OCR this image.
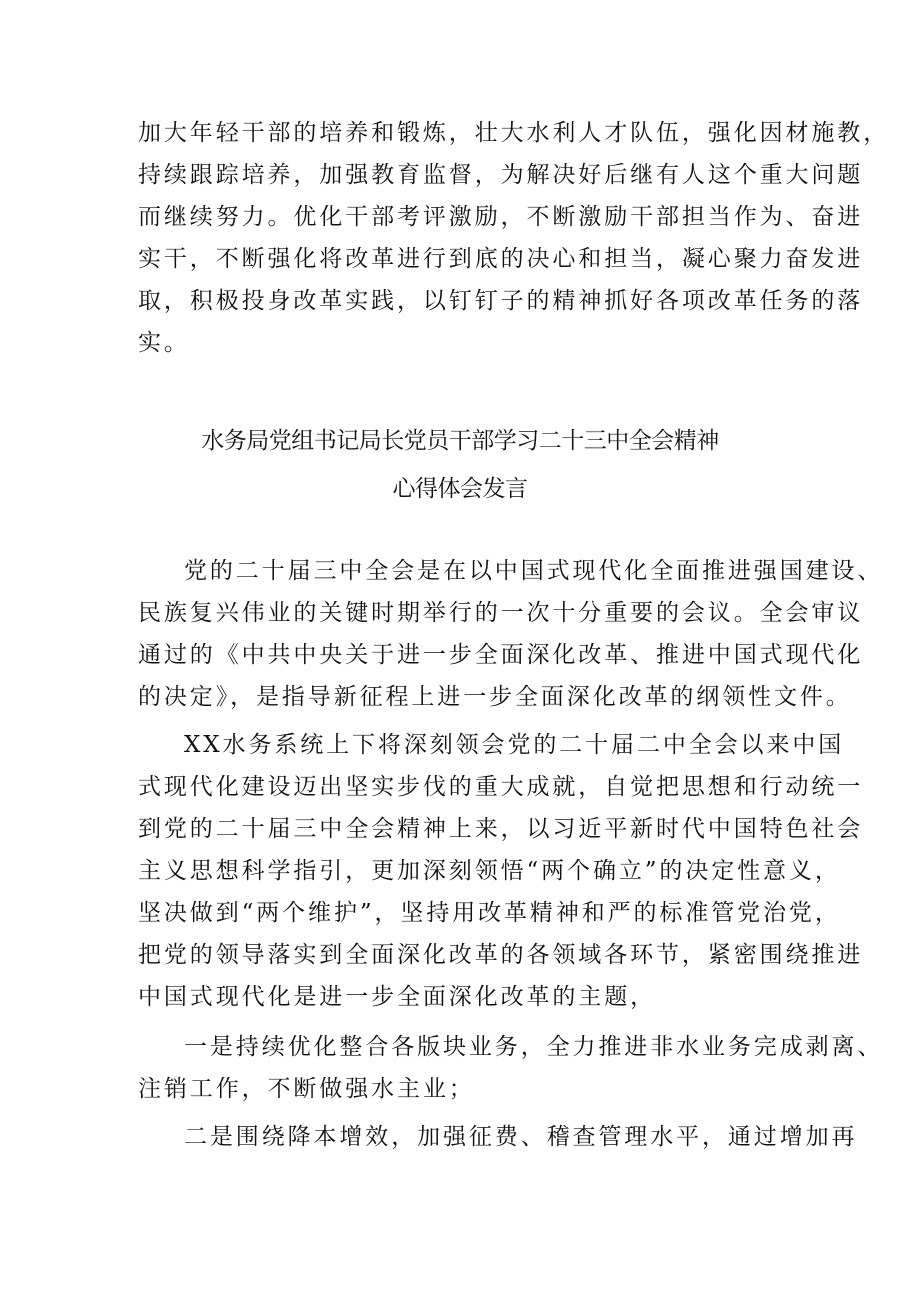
加大年轻干部的培养和锻炼，壮大水利人才队伍，强化因材施教，
持续跟踪培养，加强教育监督，为解决好后继有人这个重大问题
而继续努力。优化干部考评激励，不断激励干部担当作为、奋进
实干，不断强化将改革进行到底的决心和担当，凝心聚力奋发进
取，积极投身改革实践，以钉钉子的精神抓好各项改革任务的落
实。
水务局党组书记局长党员干部学习二十三中全会精神
心得体会发言
党的二十届三中全会是在以中国式现代化全面推进强国建设、
民族复兴伟业的关键时期举行的一次十分重要的会议。全会审议
通过的《中共中央关于进一步全面深化改革、推进中国式现代化
的决定》，是指导新征程上进一步全面深化改革的纲领性文件。
XX水务系统上下将深刻领会党的二十届二中全会以来中国
式现代化建设迈出坚实步伐的重大成就，自觉把思想和行动统一
到党的二十届三中全会精神上来，以习近平新时代中国特色社会
主义思想科学指引，更加深刻领悟“两个确立”的决定性意义，
坚决做到“两个维护”，坚持用改革精神和严的标准管党治党，
把党的领导落实到全面深化改革的各领域各环节，紧密围绕推进
中国式现代化是进一步全面深化改革的主题，
一是持续优化整合各版块业务，全力推进非水业务完成剥离、
注销工作，不断做强水主业；
二是围绕降本增效，加强征费、稽查管理水平，通过增加再
